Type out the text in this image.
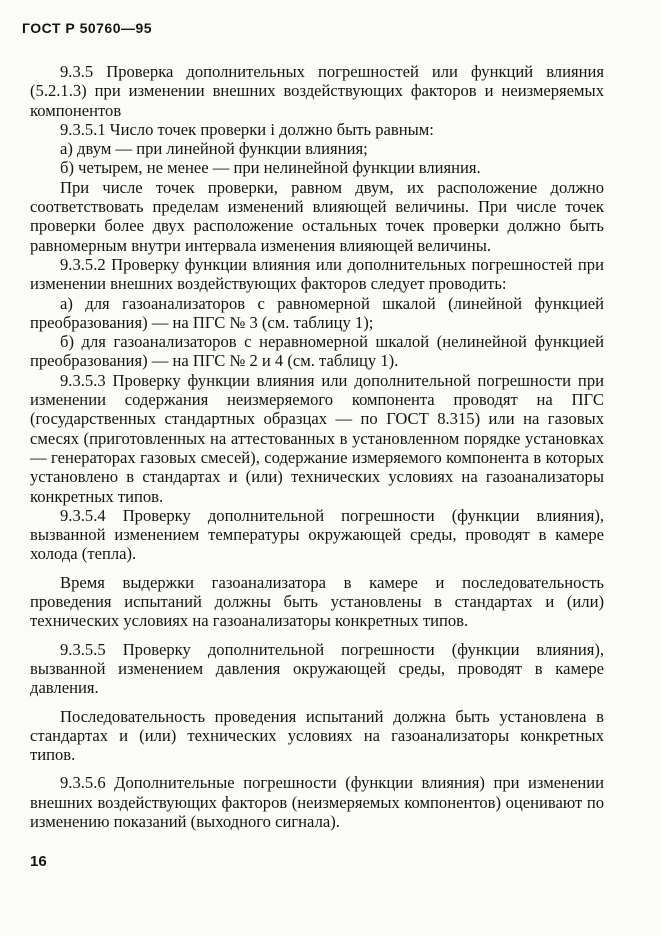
ГОСТ Р 50760—95

9.3.5 Проверка дополнительных погрешностей или функций влияния (5.2.1.3) при изменении внешних воздействующих факторов и неизмеряемых компонентов

9.3.5.1 Число точек проверки i должно быть равным:

а) двум — при линейной функции влияния;

б) четырем, не менее — при нелинейной функции влияния.

При числе точек проверки, равном двум, их расположение должно соответствовать пределам изменений влияющей величины. При числе точек проверки более двух расположение остальных точек проверки должно быть равномерным внутри интервала изменения влияющей величины.

9.3.5.2 Проверку функции влияния или дополнительных погрешностей при изменении внешних воздействующих факторов следует проводить:

а) для газоанализаторов с равномерной шкалой (линейной функцией преобразования) — на ПГС № 3 (см. таблицу 1);

б) для газоанализаторов с неравномерной шкалой (нелинейной функцией преобразования) — на ПГС № 2 и 4 (см. таблицу 1).

9.3.5.3 Проверку функции влияния или дополнительной погрешности при изменении содержания неизмеряемого компонента проводят на ПГС (государственных стандартных образцах — по ГОСТ 8.315) или на газовых смесях (приготовленных на аттестованных в установленном порядке установках — генераторах газовых смесей), содержание измеряемого компонента в которых установлено в стандартах и (или) технических условиях на газоанализаторы конкретных типов.

9.3.5.4 Проверку дополнительной погрешности (функции влияния), вызванной изменением температуры окружающей среды, проводят в камере холода (тепла).

Время выдержки газоанализатора в камере и последовательность проведения испытаний должны быть установлены в стандартах и (или) технических условиях на газоанализаторы конкретных типов.

9.3.5.5 Проверку дополнительной погрешности (функции влияния), вызванной изменением давления окружающей среды, проводят в камере давления.

Последовательность проведения испытаний должна быть установлена в стандартах и (или) технических условиях на газоанализаторы конкретных типов.

9.3.5.6 Дополнительные погрешности (функции влияния) при изменении внешних воздействующих факторов (неизмеряемых компонентов) оценивают по изменению показаний (выходного сигнала).

16
